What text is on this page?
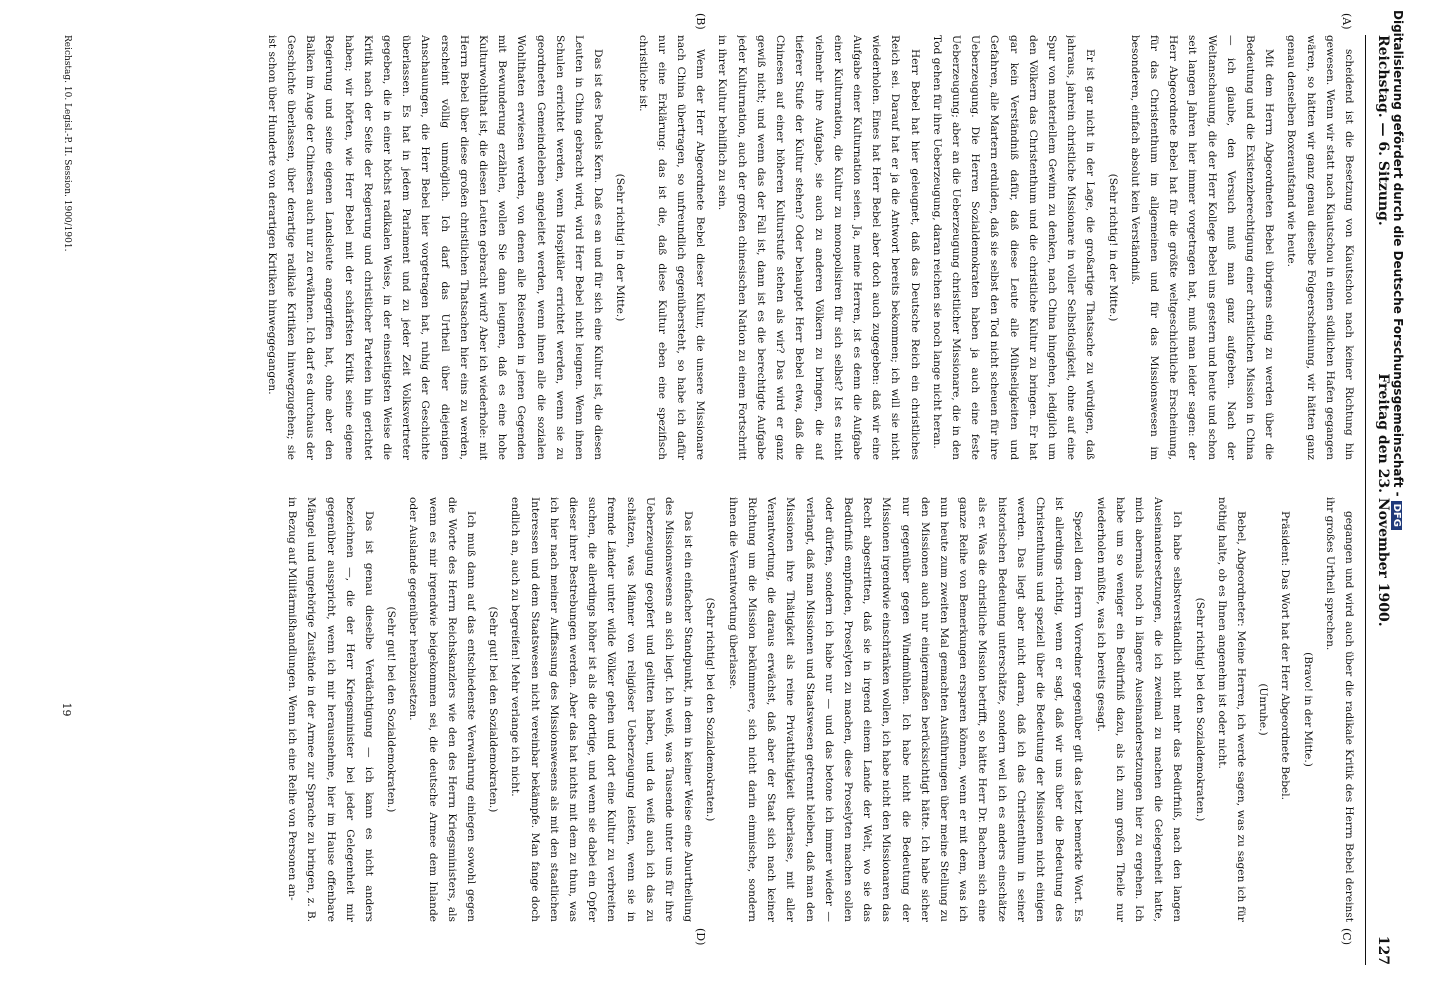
Reichstag. — 6. Sitzung.
Freitag den 23. November 1900.
127
(A)
(B)
(C)
(D)

scheidend ist die Besetzung von Kiautschou nach keiner Richtung hin gewesen. Wenn wir statt nach Kiautschou in einen südlichen Hafen gegangen wären, so hätten wir ganz genau dieselbe Folgeerscheinung, wir hätten ganz genau denselben Boxeraufstand wie heute.

Mit dem Herrn Abgeordneten Bebel übrigens einig zu werden über die Bedeutung und die Existenzberechtigung einer christlichen Mission in China — ich glaube, den Versuch muß man ganz aufgeben. Nach der Weltanschauung, die der Herr Kollege Bebel uns gestern und heute und schon seit langen Jahren hier immer vorgetragen hat, muß man leider sagen: der Herr Abgeordnete Bebel hat für die größte weltgeschichtliche Erscheinung, für das Christenthum im allgemeinen und für das Missionswesen im besonderen, einfach absolut kein Verständniß.

(Sehr richtig! in der Mitte.)

Er ist gar nicht in der Lage, die großartige Thatsache zu würdigen, daß jahraus, jahrein christliche Missionare in voller Selbstlosigkeit, ohne auf eine Spur von materiellem Gewinn zu denken, nach China hingehen, lediglich um den Völkern das Christenthum und die christliche Kultur zu bringen. Er hat gar kein Verständniß dafür, daß diese Leute alle Mühseligkeiten und Gefahren, alle Martern erdulden, daß sie selbst den Tod nicht scheuen für ihre Ueberzeugung. Die Herren Sozialdemokraten haben ja auch eine feste Ueberzeugung; aber an die Ueberzeugung christlicher Missionare, die in den Tod gehen für ihre Ueberzeugung, daran reichen sie noch lange nicht heran.

Herr Bebel hat hier geleugnet, daß das Deutsche Reich ein christliches Reich sei. Darauf hat er ja die Antwort bereits bekommen; ich will sie nicht wiederholen. Eines hat Herr Bebel aber doch auch zugegeben: daß wir eine Aufgabe einer Kulturnation seien. Ja, meine Herren, ist es denn die Aufgabe einer Kulturnation, die Kultur zu monopolisiren für sich selbst? Ist es nicht vielmehr ihre Aufgabe, sie auch zu anderen Völkern zu bringen, die auf tieferer Stufe der Kultur stehen? Oder behauptet Herr Bebel etwa, daß die Chinesen auf einer höheren Kulturstufe stehen als wir? Das wird er ganz gewiß nicht; und wenn das der Fall ist, dann ist es die berechtigte Aufgabe jeder Kulturnation, auch der großen chinesischen Nation zu einem Fortschritt in ihrer Kultur behilflich zu sein.

Wenn der Herr Abgeordnete Bebel dieser Kultur, die unsere Missionare nach China übertragen, so unfreundlich gegenübersteht, so habe ich dafür nur eine Erklärung: das ist die, daß diese Kultur eben eine spezifisch christliche ist.

(Sehr richtig! in der Mitte.)

Das ist des Pudels Kern. Daß es an und für sich eine Kultur ist, die diesen Leuten in China gebracht wird, wird Herr Bebel nicht leugnen. Wenn ihnen Schulen errichtet werden, wenn Hospitäler errichtet werden, wenn sie zu geordneten Gemeindeleben angeleitet werden, wenn ihnen alle die sozialen Wohlthaten erwiesen werden, von denen alle Reisenden in jenen Gegenden mit Bewunderung erzählen, wollen Sie dann leugnen, daß es eine hohe Kulturwohlthat ist, die diesen Leuten gebracht wird? Aber ich wiederhole: mit Herrn Bebel über diese großen christlichen Thatsachen hier eins zu werden, erscheint völlig unmöglich. Ich darf das Urtheil über diejenigen Anschauungen, die Herr Bebel hier vorgetragen hat, ruhig der Geschichte überlassen. Es hat in jedem Parlament und zu jeder Zeit Volksvertreter gegeben, die in einer höchst radikalen Weise, in der einseitigsten Weise die Kritik nach der Seite der Regierung und christlicher Parteien hin gerichtet haben; wir hörten, wie Herr Bebel mit der schärfsten Kritik seine eigene Regierung und seine eigenen Landsleute angegriffen hat, ohne aber den Balken im Auge der Chinesen auch nur zu erwähnen. Ich darf es durchaus der Geschichte überlassen, über derartige radikale Kritiken hinwegzugehen; sie ist schon über Hunderte von derartigen Kritiken hinweggegangen.

gegangen und wird auch über die radikale Kritik des Herrn Bebel dereinst ihr großes Urtheil sprechen.

(Bravo! in der Mitte.)

Präsident: Das Wort hat der Herr Abgeordnete Bebel.

(Unruhe.)

Bebel, Abgeordneter: Meine Herren, ich werde sagen, was zu sagen ich für nöthig halte, ob es Ihnen angenehm ist oder nicht.

(Sehr richtig! bei den Sozialdemokraten.)

Ich habe selbstverständlich nicht mehr das Bedürfniß, nach den langen Auseinandersetzungen, die ich zweimal zu machen die Gelegenheit hatte, mich abermals noch in längere Auseinandersetzungen hier zu ergehen. Ich habe um so weniger ein Bedürfniß dazu, als ich zum großen Theile nur wiederholen müßte, was ich bereits gesagt.

Speziell dem Herrn Vorredner gegenüber gilt das letzt bemerkte Wort. Es ist allerdings richtig, wenn er sagt, daß wir uns über die Bedeutung des Christenthums und speziell über die Bedeutung der Missionen nicht einigen werden. Das liegt aber nicht daran, daß ich das Christenthum in seiner historischen Bedeutung unterschätze, sondern weil ich es anders einschätze als er. Was die christliche Mission betrifft, so hätte Herr Dr. Bachem sich eine ganze Reihe von Bemerkungen ersparen können, wenn er mit dem, was ich nun heute zum zweiten Mal gemachten Ausführungen über meine Stellung zu den Missionen auch nur einigermaßen berücksichtigt hätte. Ich habe sicher nur gegenüber gegen Windmühlen. Ich habe nicht die Bedeutung der Missionen irgendwie einschränken wollen, ich habe nicht den Missionaren das Recht abgestritten, daß sie in irgend einem Lande der Welt, wo sie das Bedürfniß empfinden, Proselyten zu machen, diese Proselyten machen sollen oder dürfen, sondern ich habe nur — und das betone ich immer wieder — verlangt, daß man Missionen und Staatswesen getrennt bleiben, daß man den Missionen ihre Thätigkeit als reine Privatthätigkeit überlasse, mit aller Verantwortung, die daraus erwächst, daß aber der Staat sich nach keiner Richtung um die Mission bekümmere, sich nicht darin einmische, sondern ihnen die Verantwortung überlasse.

(Sehr richtig! bei den Sozialdemokraten.)

Das ist ein einfacher Standpunkt, in dem in keiner Weise eine Aburtheilung des Missionswesens an sich liegt. Ich weiß, was Tausende unter uns für ihre Ueberzeugung geopfert und gelitten haben, und da weiß auch ich das zu schätzen, was Männer von religiöser Ueberzeugung leisten, wenn sie in fremde Länder unter wilde Völker gehen und dort eine Kultur zu verbreiten suchen, die allerdings höher ist als die dortige, und wenn sie dabei ein Opfer dieser ihrer Bestrebungen werden. Aber das hat nichts mit dem zu thun, was ich hier nach meiner Auffassung des Missionswesens als mit den staatlichen Interessen und dem Staatswesen nicht vereinbar bekämpfe. Man fange doch endlich an, auch zu begreifen! Mehr verlange ich nicht.

(Sehr gut! bei den Sozialdemokraten.)

Ich muß dann auf das entschiedenste Verwahrung einlegen sowohl gegen die Worte des Herrn Reichskanzlers wie den des Herrn Kriegsministers, als wenn es mir irgendwie beigekommen sei, die deutsche Armee dem Inlande oder Auslande gegenüber herabzusetzen.

(Sehr gut! bei den Sozialdemokraten.)

Das ist genau dieselbe Verdächtigung — ich kann es nicht anders bezeichnen —, die der Herr Kriegsminister bei jeder Gelegenheit mir gegenüber ausspricht, wenn ich mir herausnehme, hier im Hause offenbare Mängel und ungehörige Zustände in der Armee zur Sprache zu bringen, z. B. in Bezug auf Militärmißhandlungen. Wenn ich eine Reihe von Personen an-

Reichstag. 10. Legisl.-P. II. Session. 1900/1901.
19
Digitalisierung gefördert durch die Deutsche Forschungsgemeinschaft -DFG
